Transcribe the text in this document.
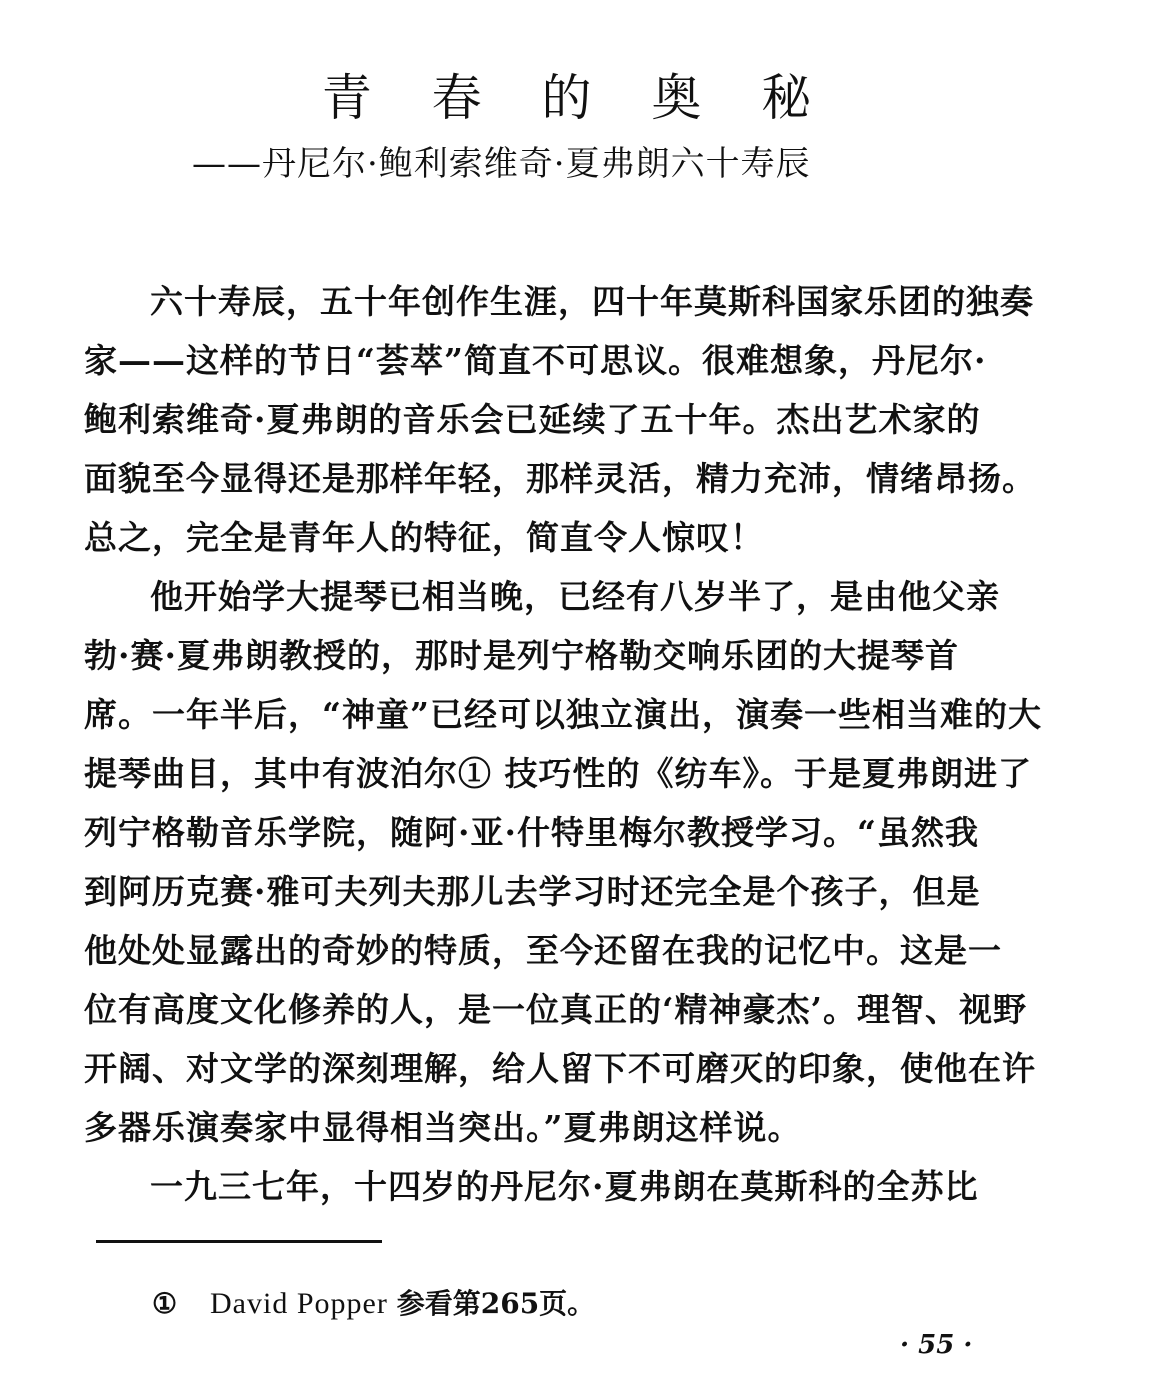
青 春 的 奥 秘
——丹尼尔·鲍利索维奇·夏弗朗六十寿辰
六十寿辰，五十年创作生涯，四十年莫斯科国家乐团的独奏
家——这样的节日“荟萃”简直不可思议。很难想象，丹尼尔·
鲍利索维奇·夏弗朗的音乐会已延续了五十年。杰出艺术家的
面貌至今显得还是那样年轻，那样灵活，精力充沛，情绪昂扬。
总之，完全是青年人的特征，简直令人惊叹！
他开始学大提琴已相当晚，已经有八岁半了，是由他父亲
勃·赛·夏弗朗教授的，那时是列宁格勒交响乐团的大提琴首
席。一年半后，“神童”已经可以独立演出，演奏一些相当难的大
提琴曲目，其中有波泊尔① 技巧性的《纺车》。于是夏弗朗进了
列宁格勒音乐学院，随阿·亚·什特里梅尔教授学习。“虽然我
到阿历克赛·雅可夫列夫那儿去学习时还完全是个孩子，但是
他处处显露出的奇妙的特质，至今还留在我的记忆中。这是一
位有高度文化修养的人，是一位真正的‘精神豪杰’。理智、视野
开阔、对文学的深刻理解，给人留下不可磨灭的印象，使他在许
多器乐演奏家中显得相当突出。”夏弗朗这样说。
一九三七年，十四岁的丹尼尔·夏弗朗在莫斯科的全苏比
① David Popper 参看第265页。
· 55 ·
